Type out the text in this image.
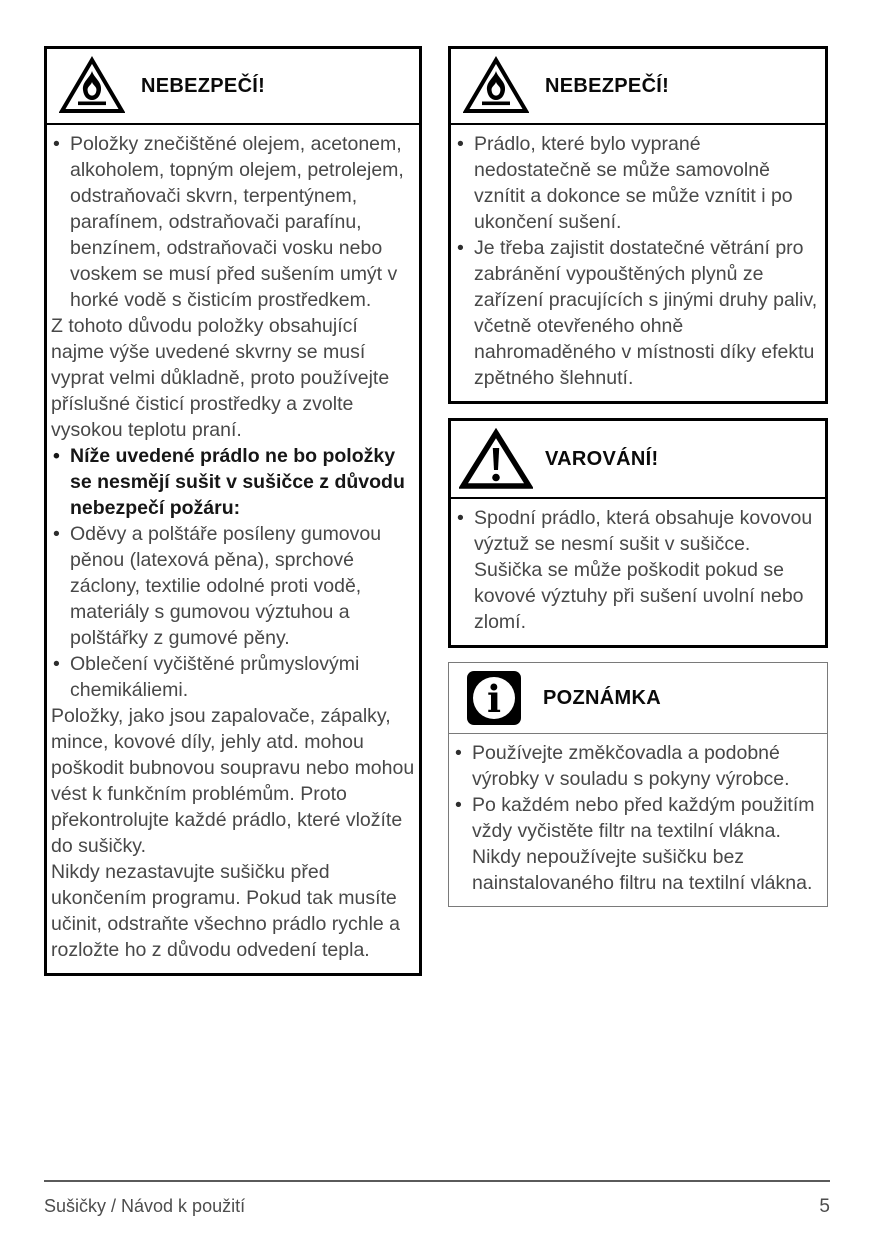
NEBEZPEČÍ!
• Položky znečištěné olejem, acetonem, alkoholem, topným olejem, petrolejem, odstraňovači skvrn, terpentýnem, parafínem, odstraňovači parafínu, benzínem, odstraňovači vosku nebo voskem se musí před sušením umýt v horké vodě s čisticím prostředkem.
Z tohoto důvodu položky obsahující najme výše uvedené skvrny se musí vyprat velmi důkladně, proto používejte příslušné čisticí prostředky a zvolte vysokou teplotu praní.
• Níže uvedené prádlo ne bo položky se nesmějí sušit v sušičce z důvodu nebezpečí požáru:
• Oděvy a polštáře posíleny gumovou pěnou (latexová pěna), sprchové záclony, textilie odolné proti vodě, materiály s gumovou výztuhou a polštářky z gumové pěny.
• Oblečení vyčištěné průmyslovými chemikáliemi.
Položky, jako jsou zapalovače, zápalky, mince, kovové díly, jehly atd. mohou poškodit bubnovou soupravu nebo mohou vést k funkčním problémům. Proto překontrolujte každé prádlo, které vložíte do sušičky.
Nikdy nezastavujte sušičku před ukončením programu. Pokud tak musíte učinit, odstraňte všechno prádlo rychle a rozložte ho z důvodu odvedení tepla.
NEBEZPEČÍ!
• Prádlo, které bylo vyprané nedostatečně se může samovolně vznítit a dokonce se může vznítit i po ukončení sušení.
• Je třeba zajistit dostatečné větrání pro zabránění vypouštěných plynů ze zařízení pracujících s jinými druhy paliv, včetně otevřeného ohně nahromaděného v místnosti díky efektu zpětného šlehnutí.
VAROVÁNÍ!
• Spodní prádlo, která obsahuje kovovou výztuž se nesmí sušit v sušičce. Sušička se může poškodit pokud se kovové výztuhy při sušení uvolní nebo zlomí.
i POZNÁMKA
• Používejte změkčovadla a podobné výrobky v souladu s pokyny výrobce.
• Po každém nebo před každým použitím vždy vyčistěte filtr na textilní vlákna. Nikdy nepoužívejte sušičku bez nainstalovaného filtru na textilní vlákna.
Sušičky / Návod k použití	5
